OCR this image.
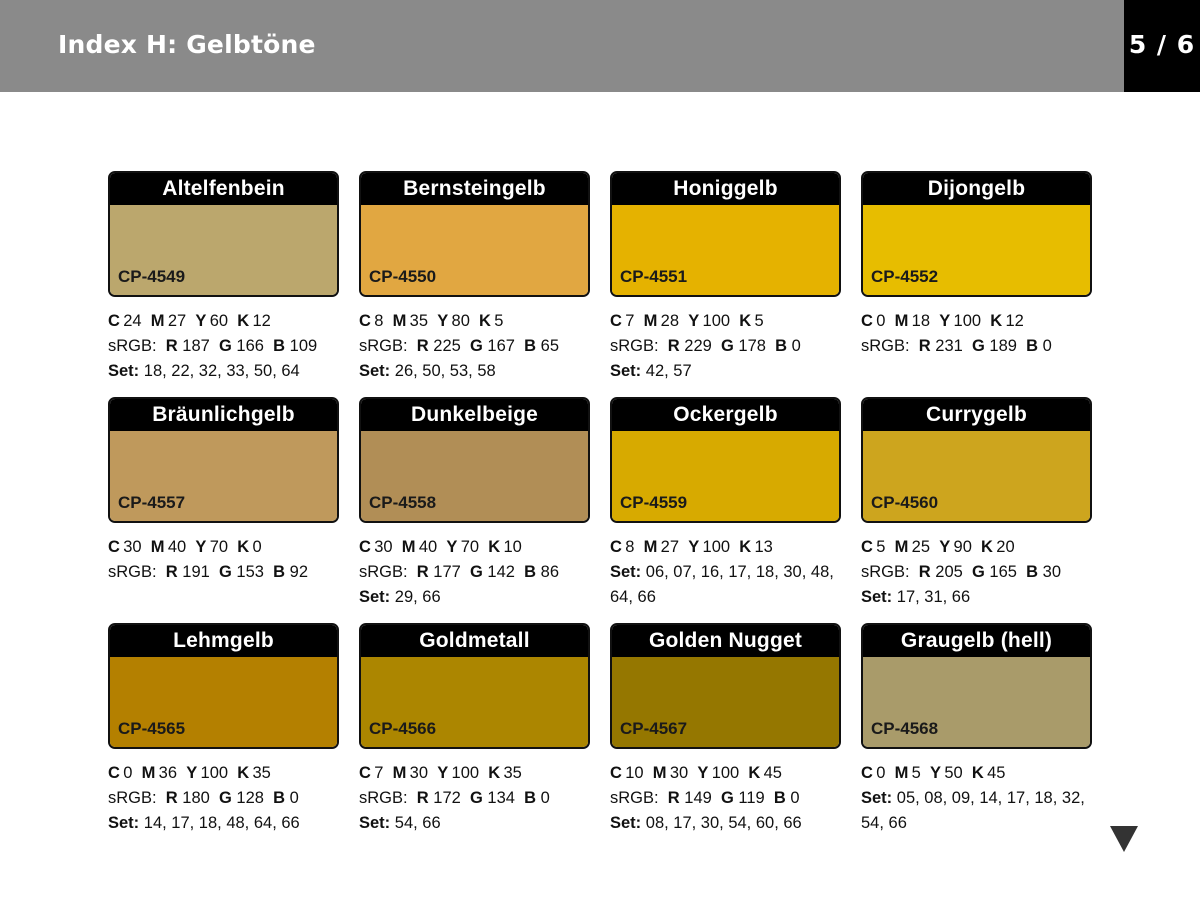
Index H: Gelbtöne	5 / 6
Altelfenbein
CP-4549
C  24 M  27 Y  60 K  12
sRGB: R 187 G 166 B 109
Set: 18, 22, 32, 33, 50, 64
Bernsteingelb
CP-4550
C  8 M  35 Y  80 K  5
sRGB: R 225 G 167 B 65
Set: 26, 50, 53, 58
Honiggelb
CP-4551
C  7 M  28 Y  100 K  5
sRGB: R 229 G 178 B 0
Set: 42, 57
Dijongelb
CP-4552
C  0 M  18 Y  100 K  12
sRGB: R 231 G 189 B 0
Bräunlichgelb
CP-4557
C  30 M  40 Y  70 K  0
sRGB: R 191 G 153 B 92
Dunkelbeige
CP-4558
C  30 M  40 Y  70 K  10
sRGB: R 177 G 142 B 86
Set: 29, 66
Ockergelb
CP-4559
C  8 M  27 Y  100 K  13
Set: 06, 07, 16, 17, 18, 30, 48,
64, 66
Currygelb
CP-4560
C  5 M  25 Y  90 K  20
sRGB: R 205 G 165 B 30
Set: 17, 31, 66
Lehmgelb
CP-4565
C  0 M  36 Y  100 K  35
sRGB: R 180 G 128 B 0
Set: 14, 17, 18, 48, 64, 66
Goldmetall
CP-4566
C  7 M  30 Y  100 K  35
sRGB: R 172 G 134 B 0
Set: 54, 66
Golden Nugget
CP-4567
C  10 M  30 Y  100 K  45
sRGB: R 149 G 119 B 0
Set: 08, 17, 30, 54, 60, 66
Graugelb (hell)
CP-4568
C  0 M  5 Y  50 K  45
Set: 05, 08, 09, 14, 17, 18, 32,
54, 66
